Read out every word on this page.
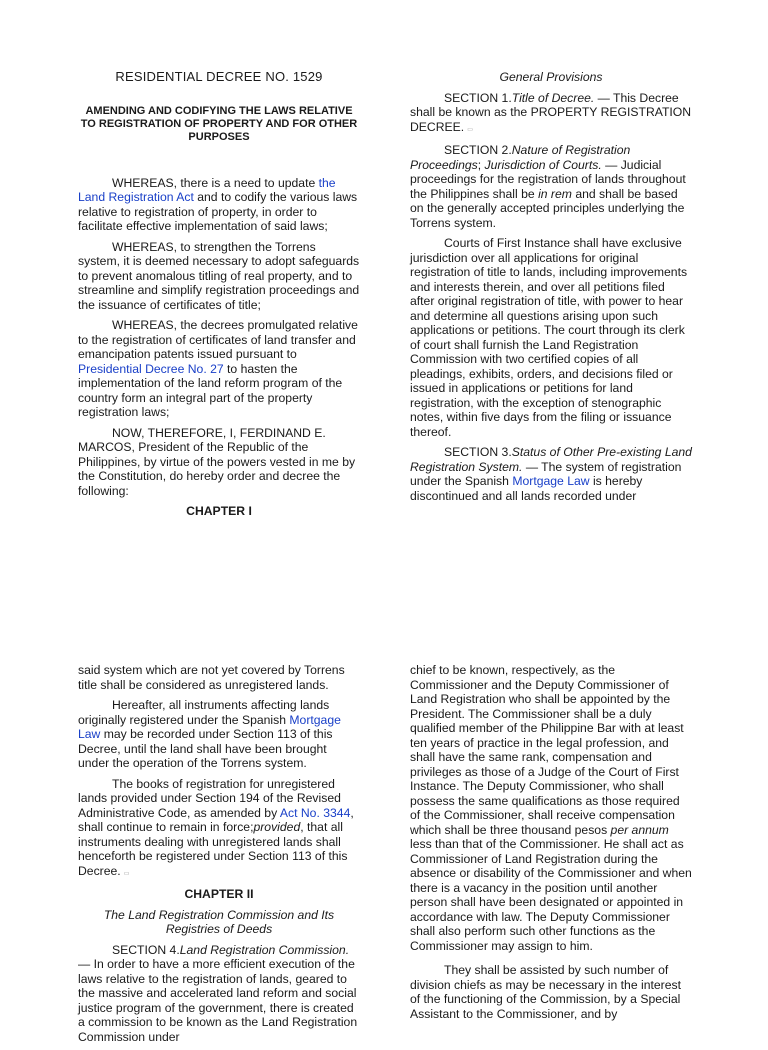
RESIDENTIAL DECREE NO. 1529
AMENDING AND CODIFYING THE LAWS RELATIVE TO REGISTRATION OF PROPERTY AND FOR OTHER PURPOSES

WHEREAS, there is a need to update the Land Registration Act and to codify the various laws relative to registration of property, in order to facilitate effective implementation of said laws;

WHEREAS, to strengthen the Torrens system, it is deemed necessary to adopt safeguards to prevent anomalous titling of real property, and to streamline and simplify registration proceedings and the issuance of certificates of title;

WHEREAS, the decrees promulgated relative to the registration of certificates of land transfer and emancipation patents issued pursuant to Presidential Decree No. 27 to hasten the implementation of the land reform program of the country form an integral part of the property registration laws;

NOW, THEREFORE, I, FERDINAND E. MARCOS, President of the Republic of the Philippines, by virtue of the powers vested in me by the Constitution, do hereby order and decree the following:

CHAPTER I
General Provisions

SECTION 1.Title of Decree. — This Decree shall be known as the PROPERTY REGISTRATION DECREE. ▭

SECTION 2.Nature of Registration Proceedings; Jurisdiction of Courts. — Judicial proceedings for the registration of lands throughout the Philippines shall be in rem and shall be based on the generally accepted principles underlying the Torrens system.

Courts of First Instance shall have exclusive jurisdiction over all applications for original registration of title to lands, including improvements and interests therein, and over all petitions filed after original registration of title, with power to hear and determine all questions arising upon such applications or petitions. The court through its clerk of court shall furnish the Land Registration Commission with two certified copies of all pleadings, exhibits, orders, and decisions filed or issued in applications or petitions for land registration, with the exception of stenographic notes, within five days from the filing or issuance thereof.

SECTION 3.Status of Other Pre-existing Land Registration System. — The system of registration under the Spanish Mortgage Law is hereby discontinued and all lands recorded under

said system which are not yet covered by Torrens title shall be considered as unregistered lands.

Hereafter, all instruments affecting lands originally registered under the Spanish Mortgage Law may be recorded under Section 113 of this Decree, until the land shall have been brought under the operation of the Torrens system.

The books of registration for unregistered lands provided under Section 194 of the Revised Administrative Code, as amended by Act No. 3344, shall continue to remain in force;provided, that all instruments dealing with unregistered lands shall henceforth be registered under Section 113 of this Decree. ▭

CHAPTER II
The Land Registration Commission and Its Registries of Deeds

SECTION 4.Land Registration Commission. — In order to have a more efficient execution of the laws relative to the registration of lands, geared to the massive and accelerated land reform and social justice program of the government, there is created a commission to be known as the Land Registration Commission under

chief to be known, respectively, as the Commissioner and the Deputy Commissioner of Land Registration who shall be appointed by the President. The Commissioner shall be a duly qualified member of the Philippine Bar with at least ten years of practice in the legal profession, and shall have the same rank, compensation and privileges as those of a Judge of the Court of First Instance. The Deputy Commissioner, who shall possess the same qualifications as those required of the Commissioner, shall receive compensation which shall be three thousand pesos per annum less than that of the Commissioner. He shall act as Commissioner of Land Registration during the absence or disability of the Commissioner and when there is a vacancy in the position until another person shall have been designated or appointed in accordance with law. The Deputy Commissioner shall also perform such other functions as the Commissioner may assign to him.

They shall be assisted by such number of division chiefs as may be necessary in the interest of the functioning of the Commission, by a Special Assistant to the Commissioner, and by
